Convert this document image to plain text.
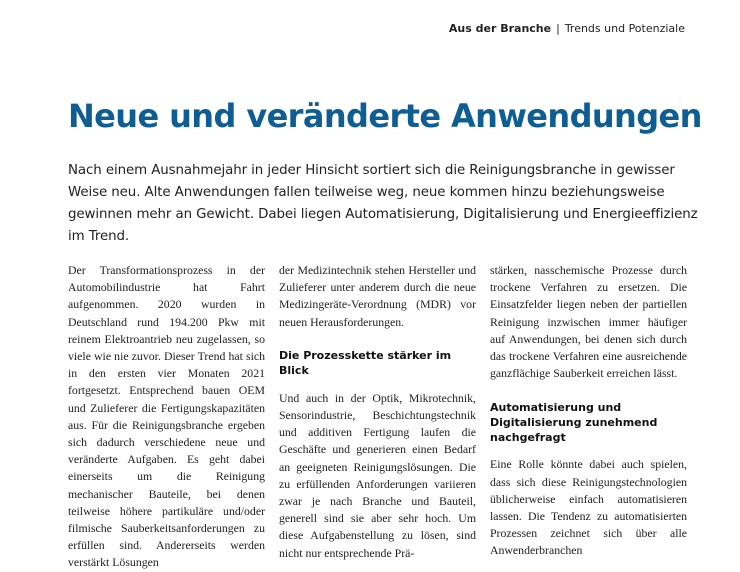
Aus der Branche | Trends und Potenziale
Neue und veränderte Anwendungen

Nach einem Ausnahmejahr in jeder Hinsicht sortiert sich die Reinigungsbranche in gewisser Weise neu. Alte Anwendungen fallen teilweise weg, neue kommen hinzu beziehungsweise gewinnen mehr an Gewicht. Dabei liegen Automatisierung, Digitalisierung und Energieeffizienz im Trend.

Der Transformationsprozess in der Automobilindustrie hat Fahrt aufgenommen. 2020 wurden in Deutschland rund 194.200 Pkw mit reinem Elektroantrieb neu zugelassen, so viele wie nie zuvor. Dieser Trend hat sich in den ersten vier Monaten 2021 fortgesetzt. Entsprechend bauen OEM und Zulieferer die Fertigungskapazitäten aus. Für die Reinigungsbranche ergeben sich dadurch verschiedene neue und veränderte Aufgaben. Es geht dabei einerseits um die Reinigung mechanischer Bauteile, bei denen teilweise höhere partikuläre und/oder filmische Sauberkeitsanforderungen zu erfüllen sind. Andererseits werden verstärkt Lösungen

der Medizintechnik stehen Hersteller und Zulieferer unter anderem durch die neue Medizingeräte-Verordnung (MDR) vor neuen Herausforderungen.

Die Prozesskette stärker im Blick

Und auch in der Optik, Mikrotechnik, Sensorindustrie, Beschichtungstechnik und additiven Fertigung laufen die Geschäfte und generieren einen Bedarf an geeigneten Reinigungslösungen. Die zu erfüllenden Anforderungen variieren zwar je nach Branche und Bauteil, generell sind sie aber sehr hoch. Um diese Aufgabenstellung zu lösen, sind nicht nur entsprechende Prä-

stärken, nasschemische Prozesse durch trockene Verfahren zu ersetzen. Die Einsatzfelder liegen neben der partiellen Reinigung inzwischen immer häufiger auf Anwendungen, bei denen sich durch das trockene Verfahren eine ausreichende ganzflächige Sauberkeit erreichen lässt.

Automatisierung und Digitalisierung zunehmend nachgefragt

Eine Rolle könnte dabei auch spielen, dass sich diese Reinigungstechnologien üblicherweise einfach automatisieren lassen. Die Tendenz zu automatisierten Prozessen zeichnet sich über alle Anwenderbranchen
